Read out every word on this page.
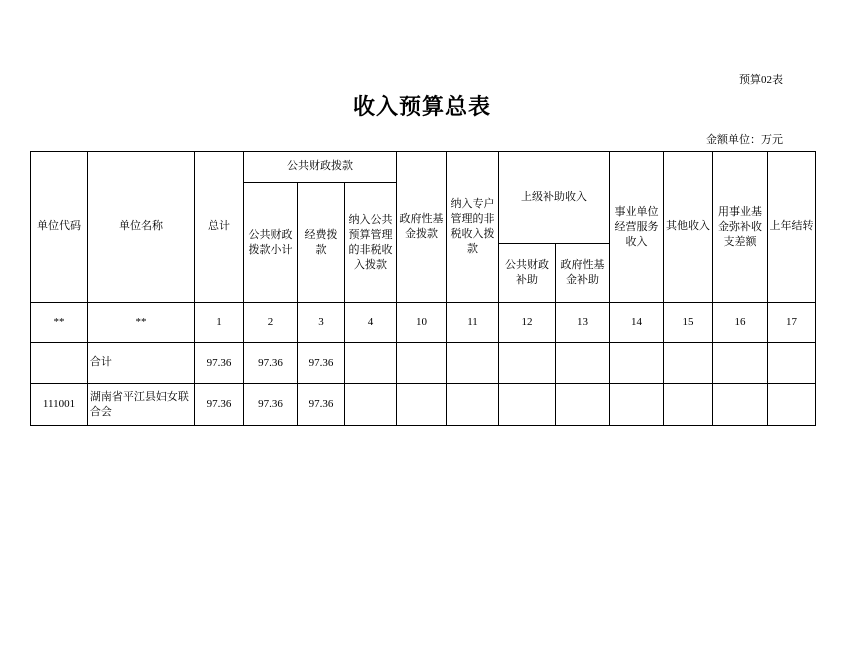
预算02表
收入预算总表
金额单位：万元
单位代码	单位名称	总计	公共财政拨款			政府性基金拨款	纳入专户管理的非税收入拨款	上级补助收入		事业单位经营服务收入	其他收入	用事业基金弥补收支差额	上年结转
			公共财政拨款小计	经费拨款	纳入公共预算管理的非税收入拨款								
								公共财政补助	政府性基金补助				
**	**	1	2	3	4	10	11	12	13	14	15	16	17
	合计	97.36	97.36	97.36									
111001	湖南省平江县妇女联合会	97.36	97.36	97.36									
